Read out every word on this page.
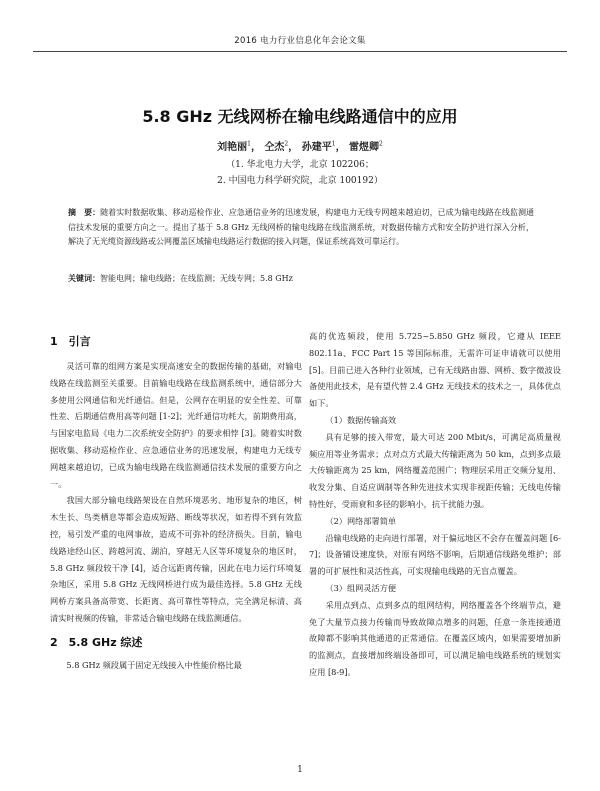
2016 电力行业信息化年会论文集
5.8 GHz 无线网桥在输电线路通信中的应用
刘艳丽$^1$， 仝杰$^2$， 孙建平$^1$， 雷煜卿$^2$
（1. 华北电力大学，北京 102206；
2. 中国电力科学研究院，北京 100192）

摘　要：随着实时数据收集、移动巡检作业、应急通信业务的迅速发展，构建电力无线专网越来越迫切，已成为输电线路在线监测通信技术发展的重要方向之一。提出了基于 5.8 GHz 无线网桥的输电线路在线监测系统，对数据传输方式和安全防护进行深入分析，解决了无光缆资源线路或公网覆盖区域输电线路运行数据的接入问题，保证系统高效可靠运行。

关键词：智能电网；输电线路；在线监测；无线专网；5.8 GHz

1　引言

灵活可靠的组网方案是实现高速安全的数据传输的基础，对输电线路在线监测至关重要。目前输电线路在线监测系统中，通信部分大多使用公网通信和光纤通信。但是，公网存在明显的安全性差、可靠性差、后期通信费用高等问题 [1-2]；光纤通信功耗大，前期费用高，与国家电监局《电力二次系统安全防护》的要求相悖 [3]。随着实时数据收集、移动巡检作业、应急通信业务的迅速发展，构建电力无线专网越来越迫切，已成为输电线路在线监测通信技术发展的重要方向之一。

我国大部分输电线路架设在自然环境恶劣、地形复杂的地区，树木生长、鸟类栖息等都会造成短路、断线等状况，如若得不到有效监控，易引发严重的电网事故，造成不可弥补的经济损失。目前，输电线路途经山区、跨越河流、湖泊，穿越无人区等环境复杂的地区时，5.8 GHz 频段较干净 [4]，适合远距离传输，因此在电力运行环境复杂地区，采用 5.8 GHz 无线网桥进行成为最佳选择。5.8 GHz 无线网桥方案具备高带宽、长距离、高可靠性等特点，完全满足标清、高清实时视频的传输，非常适合输电线路在线监测通信。

2　5.8 GHz 综述

5.8 GHz 频段属于固定无线接入中性能价格比最

高的优选频段，使用 5.725~5.850 GHz 频段，它遵从 IEEE 802.11a、FCC Part 15 等国际标准，无需许可证申请就可以使用 [5]。目前已进入各种行业领域，已有无线路由器、网桥、数字微波设备使用此技术，是有望代替 2.4 GHz 无线技术的技术之一，具体优点如下。

（1）数据传输高效

具有足够的接入带宽，最大可达 200 Mbit/s，可满足高质量视频应用等业务需求；点对点方式最大传输距离为 50 km，点到多点最大传输距离为 25 km，网络覆盖范围广；物理层采用正交频分复用、收发分集、自适应调制等各种先进技术实现非视距传输；无线电传输特性好，受雨衰和多径的影响小，抗干扰能力强。

（2）网络部署简单

沿输电线路的走向进行部署，对于偏远地区不会存在覆盖问题 [6-7]；设备铺设速度快，对原有网络不影响，后期通信线路免维护；部署的可扩展性和灵活性高，可实现输电线路的无盲点覆盖。

（3）组网灵活方便

采用点到点、点到多点的组网结构，网络覆盖各个终端节点，避免了大量节点接力传输而导致故障点增多的问题，任意一条连接通道故障都不影响其他通道的正常通信。在覆盖区域内，如果需要增加新的监测点，直接增加终端设备即可，可以满足输电线路系统的规划实应用 [8-9]。

1
